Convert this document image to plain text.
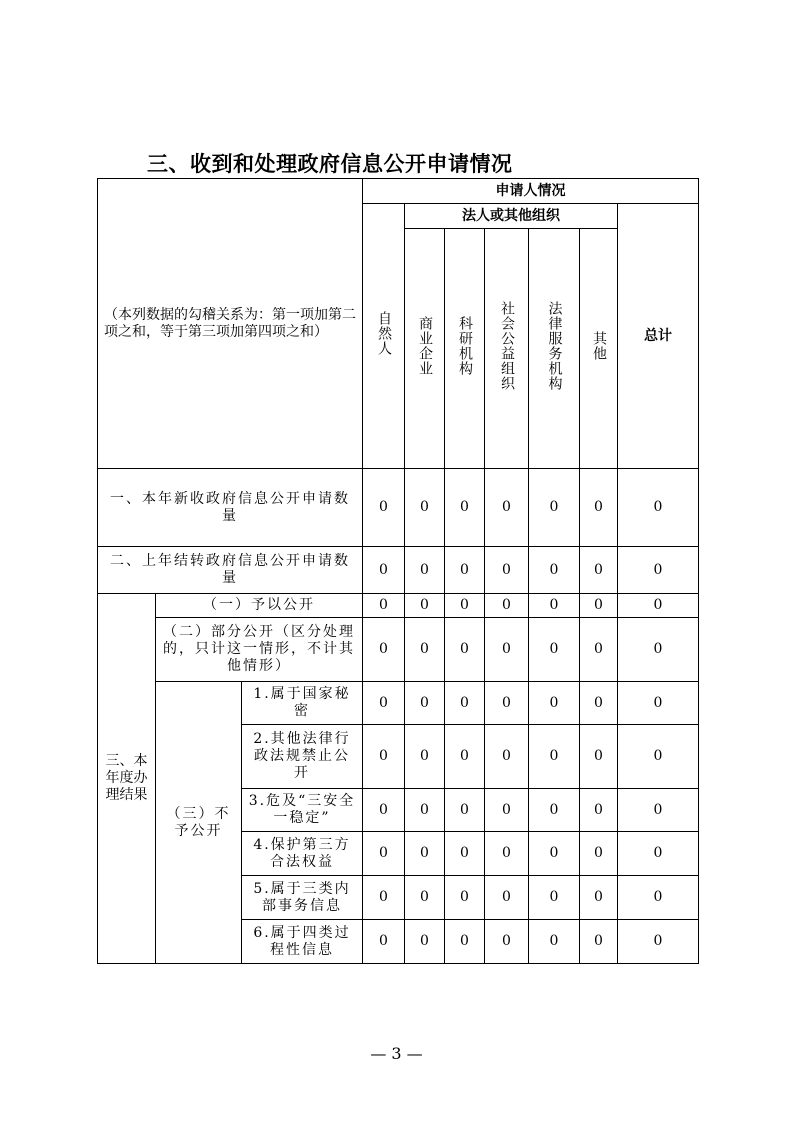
三、收到和处理政府信息公开申请情况
（本列数据的勾稽关系为：第一项加第二项之和，等于第三项加第四项之和）			申请人情况						
			自然人	法人或其他组织					总计
				商业企业	科研机构	社会公益组织	法律服务机构	其他	
一、本年新收政府信息公开申请数量			0	0	0	0	0	0	0
二、上年结转政府信息公开申请数量			0	0	0	0	0	0	0
三、本年度办理结果	（一）予以公开		0	0	0	0	0	0	0
	（二）部分公开（区分处理的，只计这一情形，不计其他情形）		0	0	0	0	0	0	0
	（三）不予公开	1.属于国家秘密	0	0	0	0	0	0	0
		2.其他法律行政法规禁止公开	0	0	0	0	0	0	0
		3.危及“三安全一稳定”	0	0	0	0	0	0	0
		4.保护第三方合法权益	0	0	0	0	0	0	0
		5.属于三类内部事务信息	0	0	0	0	0	0	0
		6.属于四类过程性信息	0	0	0	0	0	0	0
— 3 —
